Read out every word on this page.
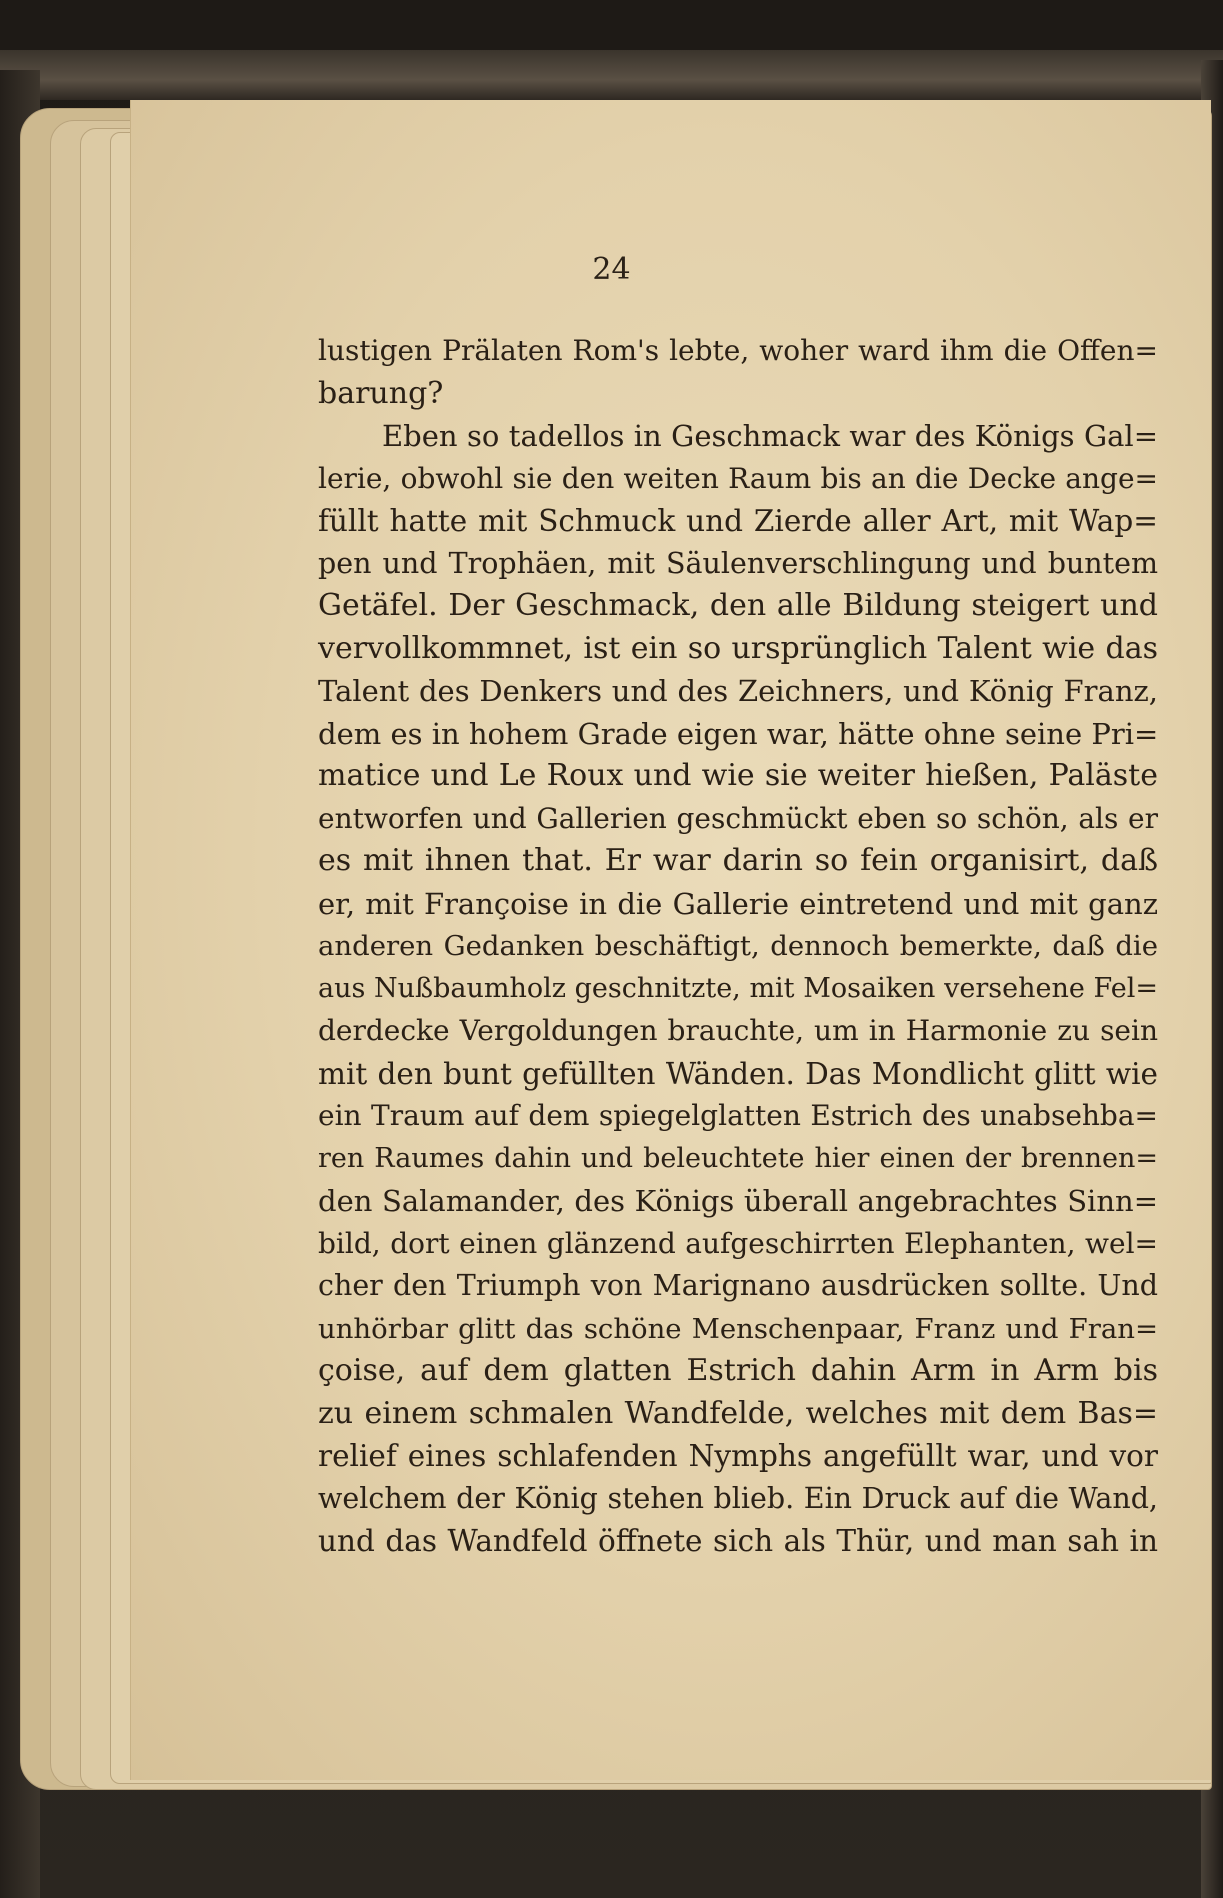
24
lustigen Prälaten Rom's lebte, woher ward ihm die Offen=
barung?
Eben so tadellos in Geschmack war des Königs Gal=
lerie, obwohl sie den weiten Raum bis an die Decke ange=
füllt hatte mit Schmuck und Zierde aller Art, mit Wap=
pen und Trophäen, mit Säulenverschlingung und buntem
Getäfel. Der Geschmack, den alle Bildung steigert und
vervollkommnet, ist ein so ursprünglich Talent wie das
Talent des Denkers und des Zeichners, und König Franz,
dem es in hohem Grade eigen war, hätte ohne seine Pri=
matice und Le Roux und wie sie weiter hießen, Paläste
entworfen und Gallerien geschmückt eben so schön, als er
es mit ihnen that. Er war darin so fein organisirt, daß
er, mit Françoise in die Gallerie eintretend und mit ganz
anderen Gedanken beschäftigt, dennoch bemerkte, daß die
aus Nußbaumholz geschnitzte, mit Mosaiken versehene Fel=
derdecke Vergoldungen brauchte, um in Harmonie zu sein
mit den bunt gefüllten Wänden. Das Mondlicht glitt wie
ein Traum auf dem spiegelglatten Estrich des unabsehba=
ren Raumes dahin und beleuchtete hier einen der brennen=
den Salamander, des Königs überall angebrachtes Sinn=
bild, dort einen glänzend aufgeschirrten Elephanten, wel=
cher den Triumph von Marignano ausdrücken sollte. Und
unhörbar glitt das schöne Menschenpaar, Franz und Fran=
çoise, auf dem glatten Estrich dahin Arm in Arm bis
zu einem schmalen Wandfelde, welches mit dem Bas=
relief eines schlafenden Nymphs angefüllt war, und vor
welchem der König stehen blieb. Ein Druck auf die Wand,
und das Wandfeld öffnete sich als Thür, und man sah in
